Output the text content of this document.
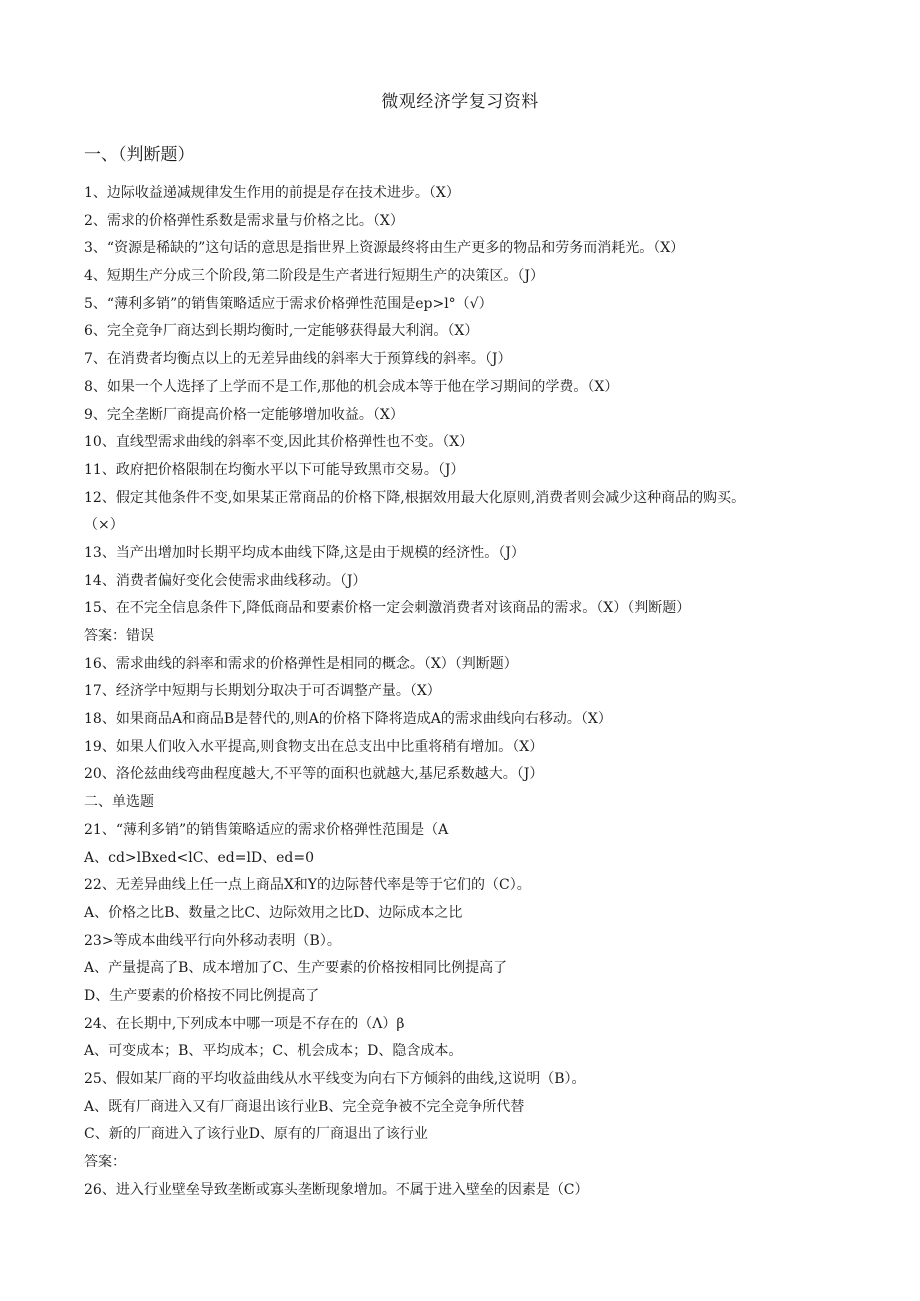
微观经济学复习资料
一、（判断题）
1、边际收益递减规律发生作用的前提是存在技术进步。（X）
2、需求的价格弹性系数是需求量与价格之比。（X）
3、“资源是稀缺的”这句话的意思是指世界上资源最终将由生产更多的物品和劳务而消耗光。（X）
4、短期生产分成三个阶段,第二阶段是生产者进行短期生产的决策区。（J）
5、“薄利多销”的销售策略适应于需求价格弹性范围是ep>l°（√）
6、完全竞争厂商达到长期均衡时,一定能够获得最大利润。（X）
7、在消费者均衡点以上的无差异曲线的斜率大于预算线的斜率。（J）
8、如果一个人选择了上学而不是工作,那他的机会成本等于他在学习期间的学费。（X）
9、完全垄断厂商提高价格一定能够增加收益。（X）
10、直线型需求曲线的斜率不变,因此其价格弹性也不变。（X）
11、政府把价格限制在均衡水平以下可能导致黑市交易。（J）
12、假定其他条件不变,如果某正常商品的价格下降,根据效用最大化原则,消费者则会减少这种商品的购买。
（×）
13、当产出增加时长期平均成本曲线下降,这是由于规模的经济性。（J）
14、消费者偏好变化会使需求曲线移动。（J）
15、在不完全信息条件下,降低商品和要素价格一定会刺激消费者对该商品的需求。（X）（判断题）
答案：错误
16、需求曲线的斜率和需求的价格弹性是相同的概念。（X）（判断题）
17、经济学中短期与长期划分取决于可否调整产量。（X）
18、如果商品A和商品B是替代的,则A的价格下降将造成A的需求曲线向右移动。（X）
19、如果人们收入水平提高,则食物支出在总支出中比重将稍有增加。（X）
20、洛伦兹曲线弯曲程度越大,不平等的面积也就越大,基尼系数越大。（J）
二、单选题
21、“薄利多销”的销售策略适应的需求价格弹性范围是（A
A、cd>lBxed<lC、ed=lD、ed=0
22、无差异曲线上任一点上商品X和Y的边际替代率是等于它们的（C）。
A、价格之比B、数量之比C、边际效用之比D、边际成本之比
23>等成本曲线平行向外移动表明（B）。
A、产量提高了B、成本增加了C、生产要素的价格按相同比例提高了
D、生产要素的价格按不同比例提高了
24、在长期中,下列成本中哪一项是不存在的（Λ）β
A、可变成本；B、平均成本；C、机会成本；D、隐含成本。
25、假如某厂商的平均收益曲线从水平线变为向右下方倾斜的曲线,这说明（B）。
A、既有厂商进入又有厂商退出该行业B、完全竞争被不完全竞争所代替
C、新的厂商进入了该行业D、原有的厂商退出了该行业
答案：
26、进入行业壁垒导致垄断或寡头垄断现象增加。不属于进入壁垒的因素是（C）
